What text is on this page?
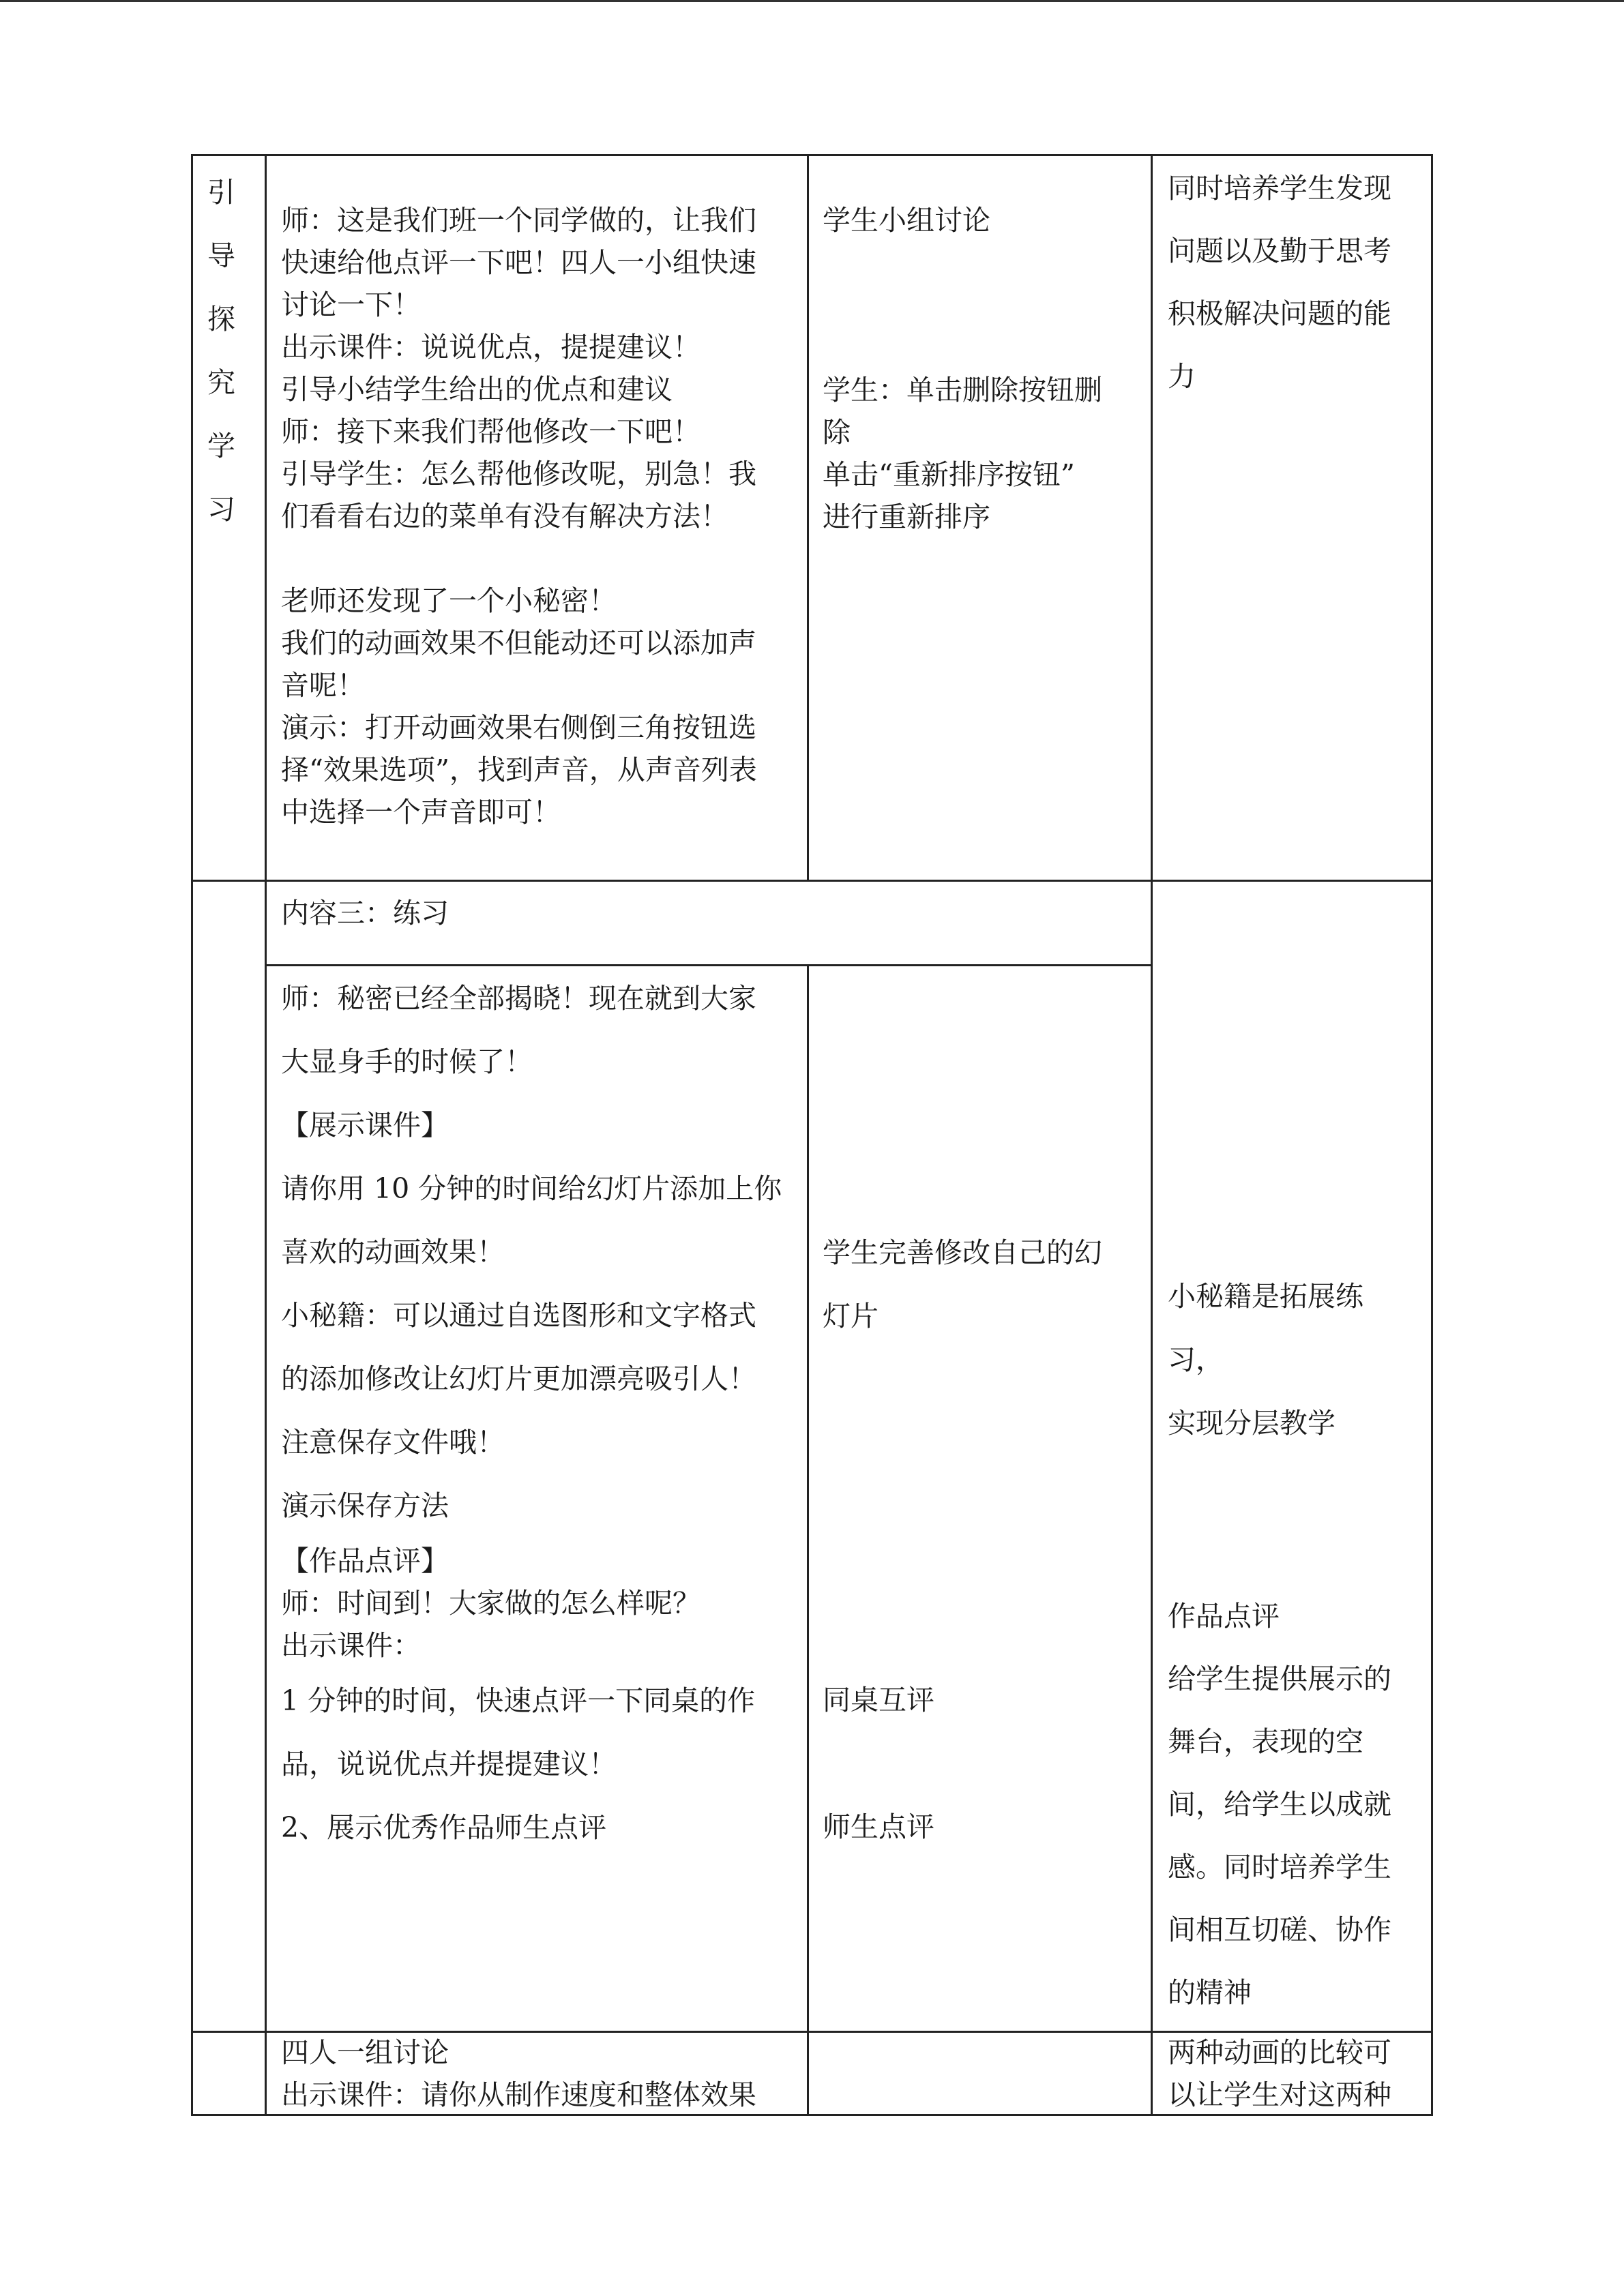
引
导
探
究
学
习

师：这是我们班一个同学做的，让我们

快速给他点评一下吧！四人一小组快速

讨论一下！

出示课件：说说优点，提提建议！

引导小结学生给出的优点和建议

师：接下来我们帮他修改一下吧！

引导学生：怎么帮他修改呢，别急！我

们看看右边的菜单有没有解决方法！

老师还发现了一个小秘密！

我们的动画效果不但能动还可以添加声

音呢！

演示：打开动画效果右侧倒三角按钮选

择“效果选项”，找到声音，从声音列表

中选择一个声音即可！

学生小组讨论

学生：单击删除按钮删

除

单击“重新排序按钮”

进行重新排序

同时培养学生发现

问题以及勤于思考

积极解决问题的能

力

内容三：练习

师：秘密已经全部揭晓！现在就到大家

大显身手的时候了！

【展示课件】

请你用 10 分钟的时间给幻灯片添加上你

喜欢的动画效果！

小秘籍：可以通过自选图形和文字格式

的添加修改让幻灯片更加漂亮吸引人！

注意保存文件哦！

演示保存方法

【作品点评】

师：时间到！大家做的怎么样呢？

出示课件：

1 分钟的时间，快速点评一下同桌的作

品，说说优点并提提建议！

2、展示优秀作品师生点评

学生完善修改自己的幻

灯片

同桌互评

师生点评

小秘籍是拓展练

习，

实现分层教学

作品点评

给学生提供展示的

舞台，表现的空

间，给学生以成就

感。同时培养学生

间相互切磋、协作

的精神

四人一组讨论

出示课件：请你从制作速度和整体效果

两种动画的比较可

以让学生对这两种
